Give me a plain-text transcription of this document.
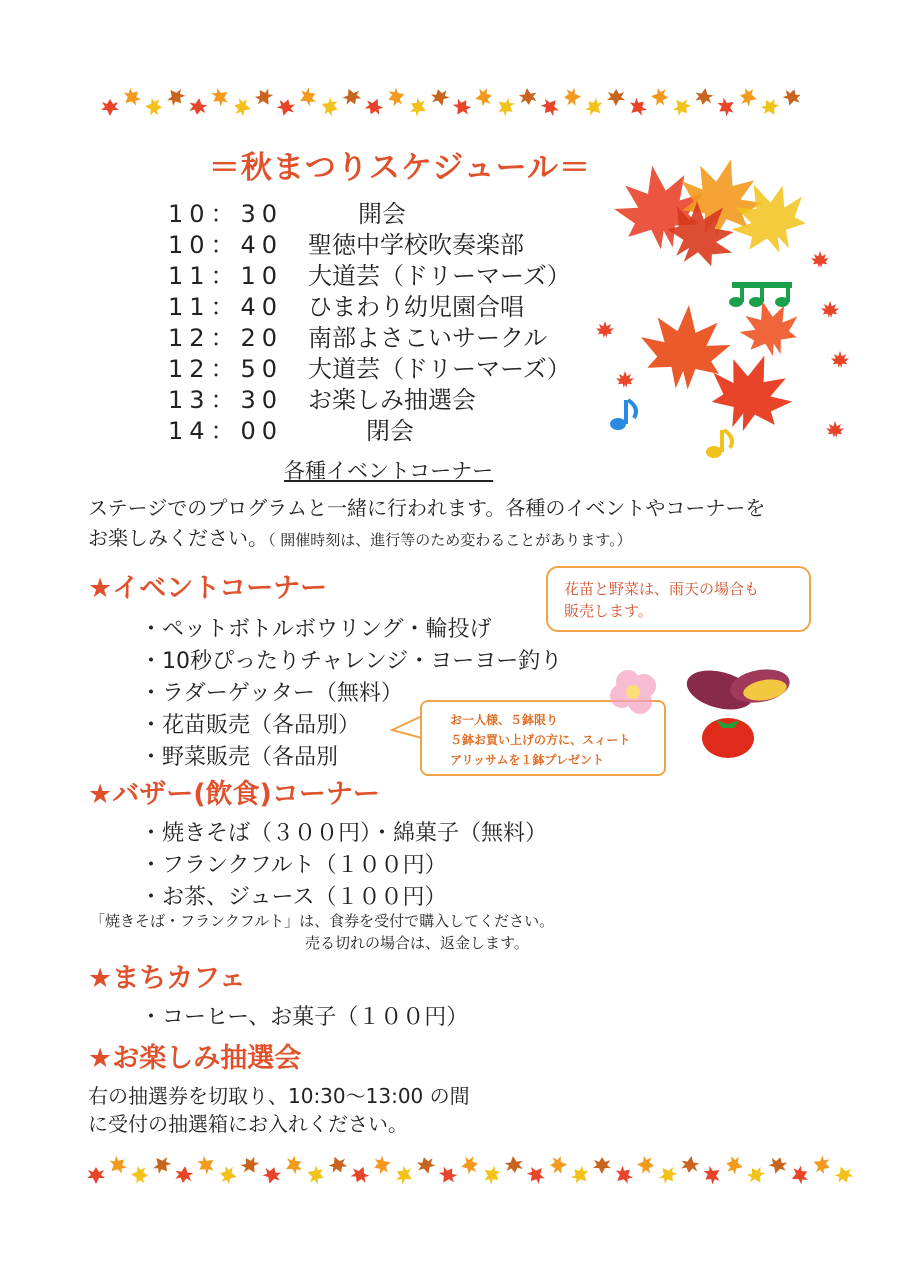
＝秋まつりスケジュール＝
10：30	開会
10：40 聖徳中学校吹奏楽部
11：10 大道芸（ドリーマーズ）
11：40 ひまわり幼児園合唱
12：20 南部よさこいサークル
12：50 大道芸（ドリーマーズ）
13：30 お楽しみ抽選会
14：00	閉会
各種イベントコーナー
ステージでのプログラムと一緒に行われます。各種のイベントやコーナーを
お楽しみください。（ 開催時刻は、進行等のため変わることがあります。）
★イベントコーナー
・ペットボトルボウリング・輪投げ
・10秒ぴったりチャレンジ・ヨーヨー釣り
・ラダーゲッター（無料）
・花苗販売（各品別）
・野菜販売（各品別
花苗と野菜は、雨天の場合も
販売します。
お一人様、５鉢限り
５鉢お買い上げの方に、スィート
アリッサムを１鉢プレゼント
★バザー(飲食)コーナー
・焼きそば（３００円）・綿菓子（無料）
・フランクフルト（１００円）
・お茶、ジュース（１００円）
「焼きそば・フランクフルト」は、食券を受付で購入してください。
売る切れの場合は、返金します。
★まちカフェ
・コーヒー、お菓子（１００円）
★お楽しみ抽選会
右の抽選券を切取り、10:30～13:00 の間
に受付の抽選箱にお入れください。
